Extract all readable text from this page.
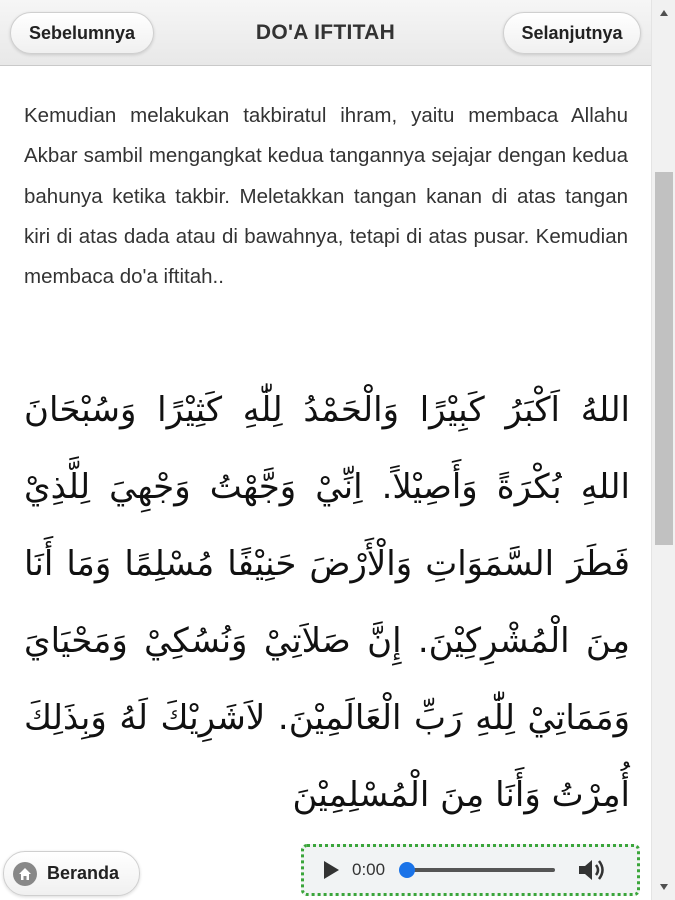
Sebelumnya	DO'A IFTITAH	Selanjutnya

Kemudian melakukan takbiratul ihram, yaitu membaca Allahu Akbar sambil mengangkat kedua tangannya sejajar dengan kedua bahunya ketika takbir. Meletakkan tangan kanan di atas tangan kiri di atas dada atau di bawahnya, tetapi di atas pusar. Kemudian membaca do'a iftitah..

اللهُ اَكْبَرُ كَبِيْرًا وَالْحَمْدُ لِلّٰهِ كَثِيْرًا وَسُبْحَانَ اللهِ بُكْرَةً وَأَصِيْلاً. اِنِّيْ وَجَّهْتُ وَجْهِيَ لِلَّذِيْ فَطَرَ السَّمَوَاتِ وَالْأَرْضَ حَنِيْفًا مُسْلِمًا وَمَا أَنَا مِنَ الْمُشْرِكِيْنَ. إِنَّ صَلاَتِيْ وَنُسُكِيْ وَمَحْيَايَ وَمَمَاتِيْ لِلّٰهِ رَبِّ الْعَالَمِيْنَ. لاَشَرِيْكَ لَهُ وَبِذَلِكَ أُمِرْتُ وَأَنَا مِنَ الْمُسْلِمِيْنَ

Beranda	0:00
